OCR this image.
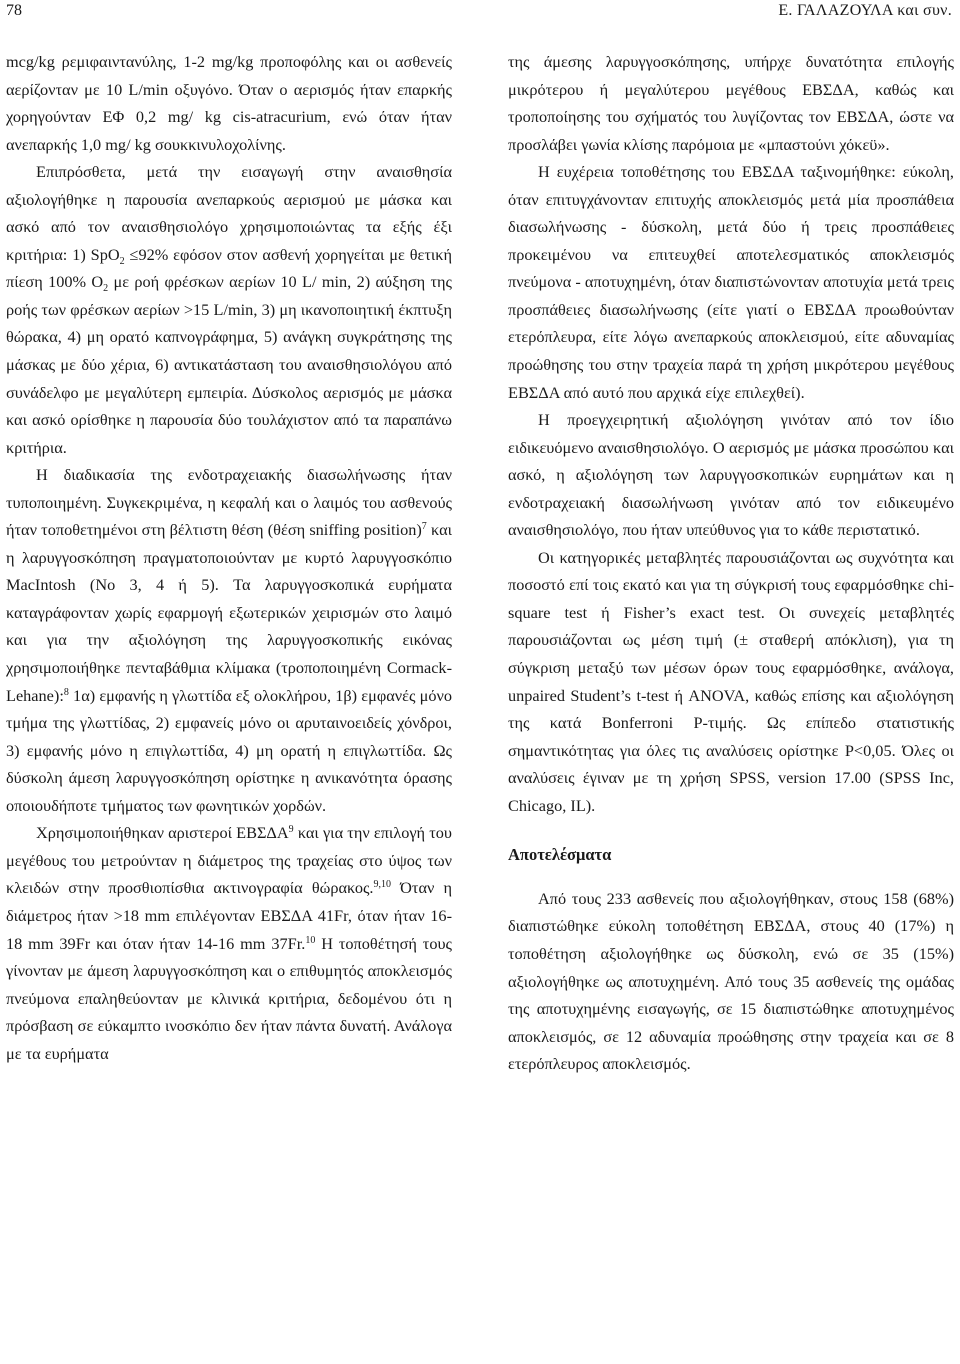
78	Ε. ΓΑΛΑΖΟΥΛΑ και συν.

mcg/kg ρεμιφαιντανύλης, 1-2 mg/kg προποφόλης και οι ασθενείς αερίζονταν με 10 L/min οξυγόνο. Όταν ο αερισμός ήταν επαρκής χορηγούνταν ΕΦ 0,2 mg/ kg cis-atracurium, ενώ όταν ήταν ανεπαρκής 1,0 mg/ kg σουκκινυλοχολίνης.

Επιπρόσθετα, μετά την εισαγωγή στην αναισθησία αξιολογήθηκε η παρουσία ανεπαρκούς αερισμού με μάσκα και ασκό από τον αναισθησιολόγο χρησιμοποιώντας τα εξής έξι κριτήρια: 1) SpO$_2$ ≤92% εφόσον στον ασθενή χορηγείται με θετική πίεση 100% $O_2$ με ροή φρέσκων αερίων 10 L/ min, 2) αύξηση της ροής των φρέσκων αερίων >15 L/min, 3) μη ικανοποιητική έκπτυξη θώρακα, 4) μη ορατό καπνογράφημα, 5) ανάγκη συγκράτησης της μάσκας με δύο χέρια, 6) αντικατάσταση του αναισθησιολόγου από συνάδελφο με μεγαλύτερη εμπειρία. Δύσκολος αερισμός με μάσκα και ασκό ορίσθηκε η παρουσία δύο τουλάχιστον από τα παραπάνω κριτήρια.

Η διαδικασία της ενδοτραχειακής διασωλήνωσης ήταν τυποποιημένη. Συγκεκριμένα, η κεφαλή και ο λαιμός του ασθενούς ήταν τοποθετημένοι στη βέλτιστη θέση (θέση sniffing position)$^7$ και η λαρυγγοσκόπηση πραγματοποιούνταν με κυρτό λαρυγγοσκόπιο MacIntosh (No 3, 4 ή 5). Τα λαρυγγοσκοπικά ευρήματα καταγράφονταν χωρίς εφαρμογή εξωτερικών χειρισμών στο λαιμό και για την αξιολόγηση της λαρυγγοσκοπικής εικόνας χρησιμοποιήθηκε πενταβάθμια κλίμακα (τροποποιημένη Cormack-Lehane):$^8$ 1α) εμφανής η γλωττίδα εξ ολοκλήρου, 1β) εμφανές μόνο τμήμα της γλωττίδας, 2) εμφανείς μόνο οι αρυταινοειδείς χόνδροι, 3) εμφανής μόνο η επιγλωττίδα, 4) μη ορατή η επιγλωττίδα. Ως δύσκολη άμεση λαρυγγοσκόπηση ορίστηκε η ανικανότητα όρασης οποιουδήποτε τμήματος των φωνητικών χορδών.

Χρησιμοποιήθηκαν αριστεροί ΕΒΣΔΑ$^9$ και για την επιλογή του μεγέθους του μετρούνταν η διάμετρος της τραχείας στο ύψος των κλειδών στην προσθιοπίσθια ακτινογραφία θώρακος.$^{9,10}$ Όταν η διάμετρος ήταν >18 mm επιλέγονταν ΕΒΣΔΑ 41Fr, όταν ήταν 16-18 mm 39Fr και όταν ήταν 14-16 mm 37Fr.$^{10}$ Η τοποθέτησή τους γίνονταν με άμεση λαρυγγοσκόπηση και ο επιθυμητός αποκλεισμός πνεύμονα επαληθεύονταν με κλινικά κριτήρια, δεδομένου ότι η πρόσβαση σε εύκαμπτο ινοσκόπιο δεν ήταν πάντα δυνατή. Ανάλογα με τα ευρήματα

της άμεσης λαρυγγοσκόπησης, υπήρχε δυνατότητα επιλογής μικρότερου ή μεγαλύτερου μεγέθους ΕΒΣΔΑ, καθώς και τροποποίησης του σχήματός του λυγίζοντας τον ΕΒΣΔΑ, ώστε να προσλάβει γωνία κλίσης παρόμοια με «μπαστούνι χόκεϋ».

Η ευχέρεια τοποθέτησης του ΕΒΣΔΑ ταξινομήθηκε: εύκολη, όταν επιτυγχάνονταν επιτυχής αποκλεισμός μετά μία προσπάθεια διασωλήνωσης - δύσκολη, μετά δύο ή τρεις προσπάθειες προκειμένου να επιτευχθεί αποτελεσματικός αποκλεισμός πνεύμονα - αποτυχημένη, όταν διαπιστώνονταν αποτυχία μετά τρεις προσπάθειες διασωλήνωσης (είτε γιατί ο ΕΒΣΔΑ προωθούνταν ετερόπλευρα, είτε λόγω ανεπαρκούς αποκλεισμού, είτε αδυναμίας προώθησης του στην τραχεία παρά τη χρήση μικρότερου μεγέθους ΕΒΣΔΑ από αυτό που αρχικά είχε επιλεχθεί).

Η προεγχειρητική αξιολόγηση γινόταν από τον ίδιο ειδικευόμενο αναισθησιολόγο. Ο αερισμός με μάσκα προσώπου και ασκό, η αξιολόγηση των λαρυγγοσκοπικών ευρημάτων και η ενδοτραχειακή διασωλήνωση γινόταν από τον ειδικευμένο αναισθησιολόγο, που ήταν υπεύθυνος για το κάθε περιστατικό.

Οι κατηγορικές μεταβλητές παρουσιάζονται ως συχνότητα και ποσοστό επί τοις εκατό και για τη σύγκρισή τους εφαρμόσθηκε chi-square test ή Fisher’s exact test. Οι συνεχείς μεταβλητές παρουσιάζονται ως μέση τιμή (± σταθερή απόκλιση), για τη σύγκριση μεταξύ των μέσων όρων τους εφαρμόσθηκε, ανάλογα, unpaired Student’s t-test ή ANOVA, καθώς επίσης και αξιολόγηση της κατά Bonferroni P-τιμής. Ως επίπεδο στατιστικής σημαντικότητας για όλες τις αναλύσεις ορίστηκε P<0,05. Όλες οι αναλύσεις έγιναν με τη χρήση SPSS, version 17.00 (SPSS Inc, Chicago, IL).

Αποτελέσματα

Από τους 233 ασθενείς που αξιολογήθηκαν, στους 158 (68%) διαπιστώθηκε εύκολη τοποθέτηση ΕΒΣΔΑ, στους 40 (17%) η τοποθέτηση αξιολογήθηκε ως δύσκολη, ενώ σε 35 (15%) αξιολογήθηκε ως αποτυχημένη. Από τους 35 ασθενείς της ομάδας της αποτυχημένης εισαγωγής, σε 15 διαπιστώθηκε αποτυχημένος αποκλεισμός, σε 12 αδυναμία προώθησης στην τραχεία και σε 8 ετερόπλευρος αποκλεισμός.
